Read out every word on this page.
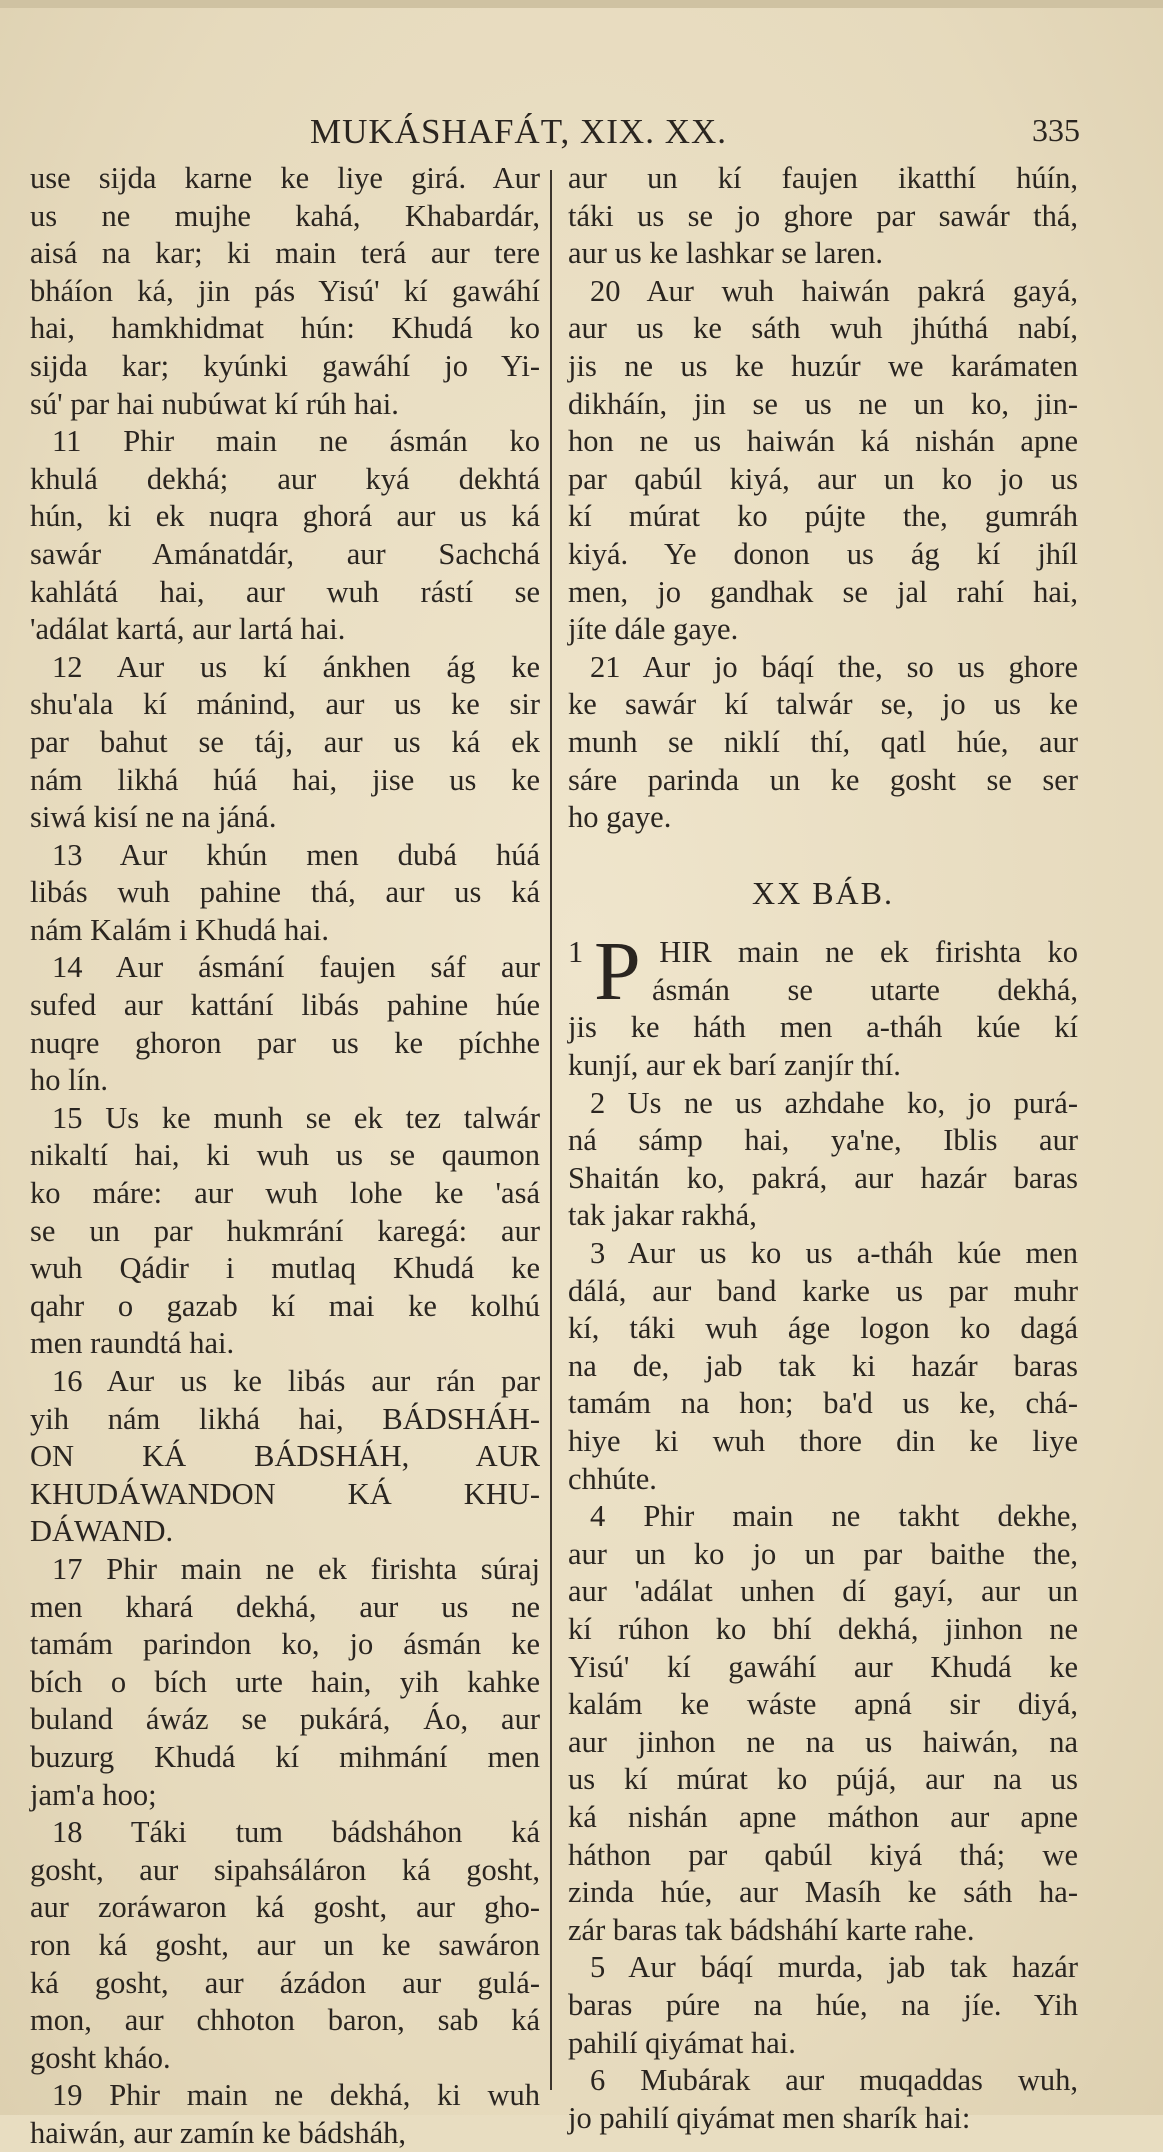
MUKÁSHAFÁT, XIX. XX.	335

use sijda karne ke liye girá. Aur

us ne mujhe kahá, Khabardár,

aisá na kar; ki main terá aur tere

bháíon ká, jin pás Yisú' kí gawáhí

hai, hamkhidmat hún: Khudá ko

sijda kar; kyúnki gawáhí jo Yi-

sú' par hai nubúwat kí rúh hai.

11 Phir main ne ásmán ko

khulá dekhá; aur kyá dekhtá

hún, ki ek nuqra ghorá aur us ká

sawár Amánatdár, aur Sachchá

kahlátá hai, aur wuh rástí se

'adálat kartá, aur lartá hai.

12 Aur us kí ánkhen ág ke

shu'ala kí mánind, aur us ke sir

par bahut se táj, aur us ká ek

nám likhá húá hai, jise us ke

siwá kisí ne na jáná.

13 Aur khún men dubá húá

libás wuh pahine thá, aur us ká

nám Kalám i Khudá hai.

14 Aur ásmání faujen sáf aur

sufed aur kattání libás pahine húe

nuqre ghoron par us ke píchhe

ho lín.

15 Us ke munh se ek tez talwár

nikaltí hai, ki wuh us se qaumon

ko máre: aur wuh lohe ke 'asá

se un par hukmrání karegá: aur

wuh Qádir i mutlaq Khudá ke

qahr o gazab kí mai ke kolhú

men raundtá hai.

16 Aur us ke libás aur rán par

yih nám likhá hai, BÁDSHÁH-

ON KÁ BÁDSHÁH, AUR

KHUDÁWANDON KÁ KHU-

DÁWAND.

17 Phir main ne ek firishta súraj

men khará dekhá, aur us ne

tamám parindon ko, jo ásmán ke

bích o bích urte hain, yih kahke

buland áwáz se pukárá, Áo, aur

buzurg Khudá kí mihmání men

jam'a hoo;

18 Táki tum bádsháhon ká

gosht, aur sipahsáláron ká gosht,

aur zoráwaron ká gosht, aur gho-

ron ká gosht, aur un ke sawáron

ká gosht, aur ázádon aur gulá-

mon, aur chhoton baron, sab ká

gosht kháo.

19 Phir main ne dekhá, ki wuh

haiwán, aur zamín ke bádsháh,

aur un kí faujen ikatthí húín,

táki us se jo ghore par sawár thá,

aur us ke lashkar se laren.

20 Aur wuh haiwán pakrá gayá,

aur us ke sáth wuh jhúthá nabí,

jis ne us ke huzúr we karámaten

dikháín, jin se us ne un ko, jin-

hon ne us haiwán ká nishán apne

par qabúl kiyá, aur un ko jo us

kí múrat ko pújte the, gumráh

kiyá. Ye donon us ág kí jhíl

men, jo gandhak se jal rahí hai,

jíte dále gaye.

21 Aur jo báqí the, so us ghore

ke sawár kí talwár se, jo us ke

munh se niklí thí, qatl húe, aur

sáre parinda un ke gosht se ser

ho gaye.

XX BÁB.

P

1 HIR main ne ek firishta ko

ásmán se utarte dekhá,

jis ke háth men a-tháh kúe kí

kunjí, aur ek barí zanjír thí.

2 Us ne us azhdahe ko, jo purá-

ná sámp hai, ya'ne, Iblis aur

Shaitán ko, pakrá, aur hazár baras

tak jakar rakhá,

3 Aur us ko us a-tháh kúe men

dálá, aur band karke us par muhr

kí, táki wuh áge logon ko dagá

na de, jab tak ki hazár baras

tamám na hon; ba'd us ke, chá-

hiye ki wuh thore din ke liye

chhúte.

4 Phir main ne takht dekhe,

aur un ko jo un par baithe the,

aur 'adálat unhen dí gayí, aur un

kí rúhon ko bhí dekhá, jinhon ne

Yisú' kí gawáhí aur Khudá ke

kalám ke wáste apná sir diyá,

aur jinhon ne na us haiwán, na

us kí múrat ko pújá, aur na us

ká nishán apne máthon aur apne

háthon par qabúl kiyá thá; we

zinda húe, aur Masíh ke sáth ha-

zár baras tak bádsháhí karte rahe.

5 Aur báqí murda, jab tak hazár

baras púre na húe, na jíe. Yih

pahilí qiyámat hai.

6 Mubárak aur muqaddas wuh,

jo pahilí qiyámat men sharík hai:
